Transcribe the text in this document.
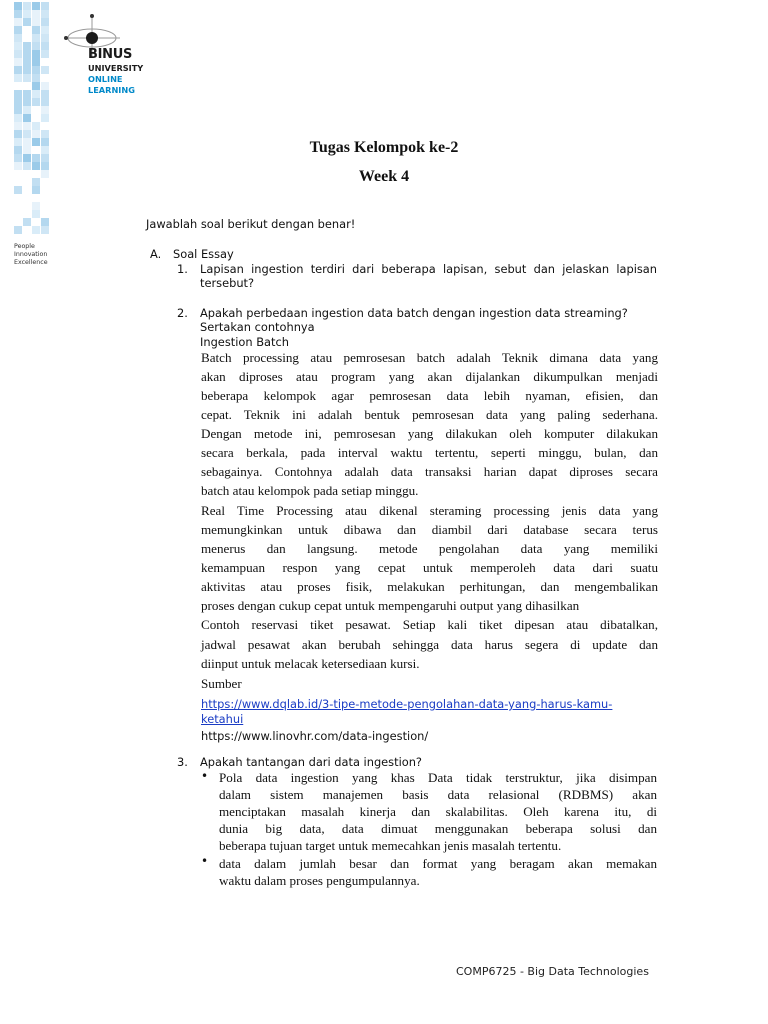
People
Innovation
Excellence
BINUS
UNIVERSITY
ONLINE
LEARNING
Tugas Kelompok ke-2
Week 4
Jawablah soal berikut dengan benar!
A. Soal Essay
1. Lapisan ingestion terdiri dari beberapa lapisan, sebut dan jelaskan lapisan
tersebut?
2. Apakah perbedaan ingestion data batch dengan ingestion data streaming?
Sertakan contohnya
Ingestion Batch
Batch processing atau pemrosesan batch adalah Teknik dimana data yang
akan diproses atau program yang akan dijalankan dikumpulkan menjadi
beberapa kelompok agar pemrosesan data lebih nyaman, efisien, dan
cepat. Teknik ini adalah bentuk pemrosesan data yang paling sederhana.
Dengan metode ini, pemrosesan yang dilakukan oleh komputer dilakukan
secara berkala, pada interval waktu tertentu, seperti minggu, bulan, dan
sebagainya. Contohnya adalah data transaksi harian dapat diproses secara
batch atau kelompok pada setiap minggu.
Real Time Processing atau dikenal steraming processing jenis data yang
memungkinkan untuk dibawa dan diambil dari database secara terus
menerus dan langsung. metode pengolahan data yang memiliki
kemampuan respon yang cepat untuk memperoleh data dari suatu
aktivitas atau proses fisik, melakukan perhitungan, dan mengembalikan
proses dengan cukup cepat untuk mempengaruhi output yang dihasilkan
Contoh reservasi tiket pesawat. Setiap kali tiket dipesan atau dibatalkan,
jadwal pesawat akan berubah sehingga data harus segera di update dan
diinput untuk melacak ketersediaan kursi.
Sumber
https://www.dqlab.id/3-tipe-metode-pengolahan-data-yang-harus-kamu-
ketahui
https://www.linovhr.com/data-ingestion/
3. Apakah tantangan dari data ingestion?
• Pola data ingestion yang khas Data tidak terstruktur, jika disimpan
dalam sistem manajemen basis data relasional (RDBMS) akan
menciptakan masalah kinerja dan skalabilitas. Oleh karena itu, di
dunia big data, data dimuat menggunakan beberapa solusi dan
beberapa tujuan target untuk memecahkan jenis masalah tertentu.
• data dalam jumlah besar dan format yang beragam akan memakan
waktu dalam proses pengumpulannya.
COMP6725 - Big Data Technologies
